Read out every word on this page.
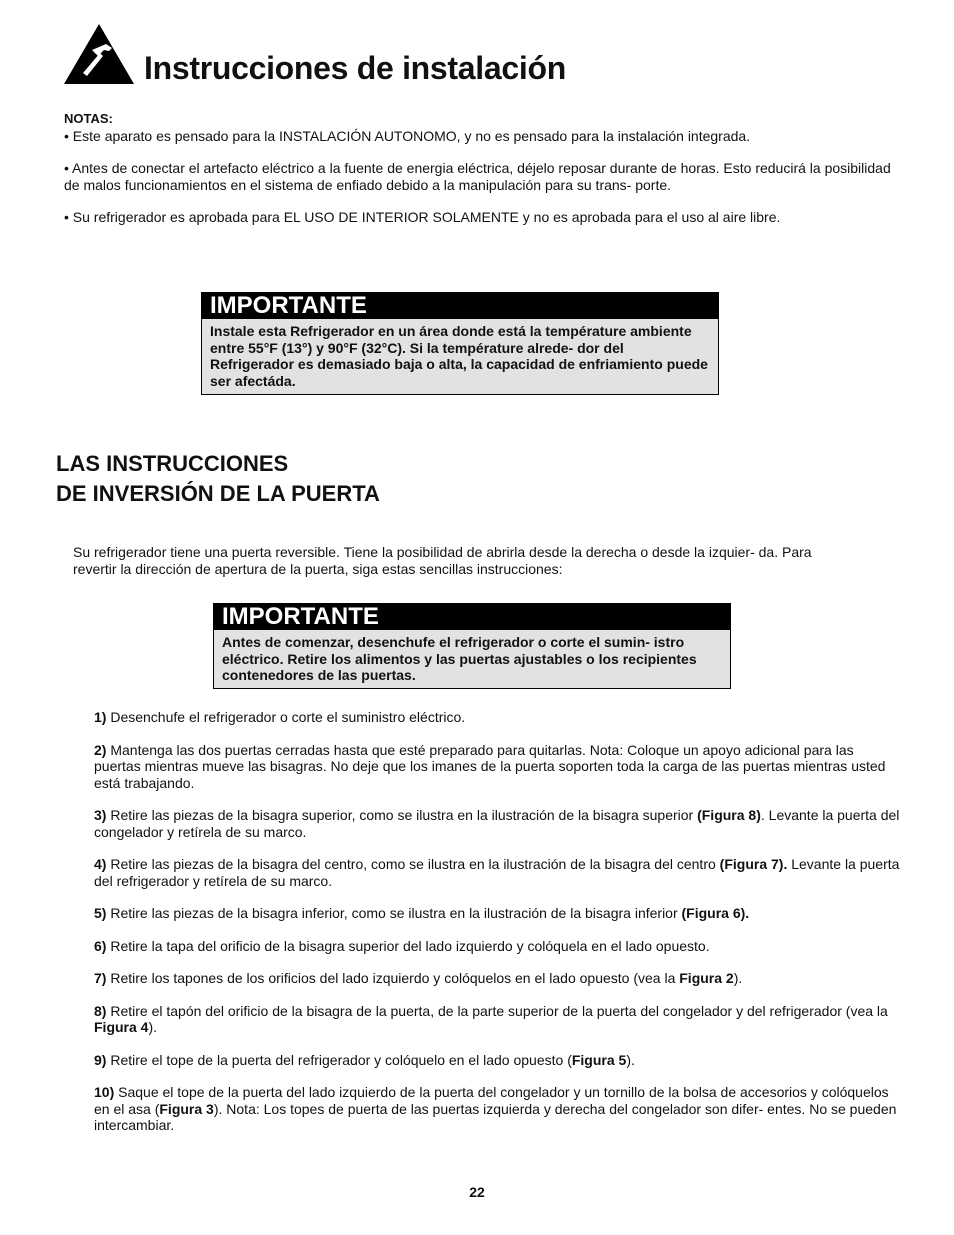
Instrucciones de instalación

NOTAS:

• Este aparato es pensado para la INSTALACIÓN AUTONOMO, y no es pensado para la instalación integrada.

• Antes de conectar el artefacto eléctrico a la fuente de energia eléctrica, déjelo reposar durante de horas. Esto reducirá la posibilidad de malos funcionamientos en el sistema de enfiado debido a la manipulación para su trans- porte.

• Su refrigerador es aprobada para EL USO DE INTERIOR SOLAMENTE y no es aprobada para el uso al aire libre.

IMPORTANTE
Instale esta Refrigerador en un área donde está la température ambiente entre 55°F (13°) y 90°F (32°C). Si la température alrede- dor del Refrigerador es demasiado baja o alta, la capacidad de enfriamiento puede ser afectáda.
LAS INSTRUCCIONES
DE INVERSIÓN DE LA PUERTA
Su refrigerador tiene una puerta reversible. Tiene la posibilidad de abrirla desde la derecha o desde la izquier- da. Para revertir la dirección de apertura de la puerta, siga estas sencillas instrucciones:
IMPORTANTE
Antes de comenzar, desenchufe el refrigerador o corte el sumin- istro eléctrico. Retire los alimentos y las puertas ajustables o los recipientes contenedores de las puertas.

1) Desenchufe el refrigerador o corte el suministro eléctrico.

2) Mantenga las dos puertas cerradas hasta que esté preparado para quitarlas. Nota: Coloque un apoyo adicional para las puertas mientras mueve las bisagras. No deje que los imanes de la puerta soporten toda la carga de las puertas mientras usted está trabajando.

3) Retire las piezas de la bisagra superior, como se ilustra en la ilustración de la bisagra superior (Figura 8). Levante la puerta del congelador y retírela de su marco.

4) Retire las piezas de la bisagra del centro, como se ilustra en la ilustración de la bisagra del centro (Figura 7). Levante la puerta del refrigerador y retírela de su marco.

5) Retire las piezas de la bisagra inferior, como se ilustra en la ilustración de la bisagra inferior (Figura 6).

6) Retire la tapa del orificio de la bisagra superior del lado izquierdo y colóquela en el lado opuesto.

7) Retire los tapones de los orificios del lado izquierdo y colóquelos en el lado opuesto (vea la Figura 2).

8) Retire el tapón del orificio de la bisagra de la puerta, de la parte superior de la puerta del congelador y del refrigerador (vea la Figura 4).

9) Retire el tope de la puerta del refrigerador y colóquelo en el lado opuesto (Figura 5).

10) Saque el tope de la puerta del lado izquierdo de la puerta del congelador y un tornillo de la bolsa de accesorios y colóquelos en el asa (Figura 3). Nota: Los topes de puerta de las puertas izquierda y derecha del congelador son difer- entes. No se pueden intercambiar.

22
